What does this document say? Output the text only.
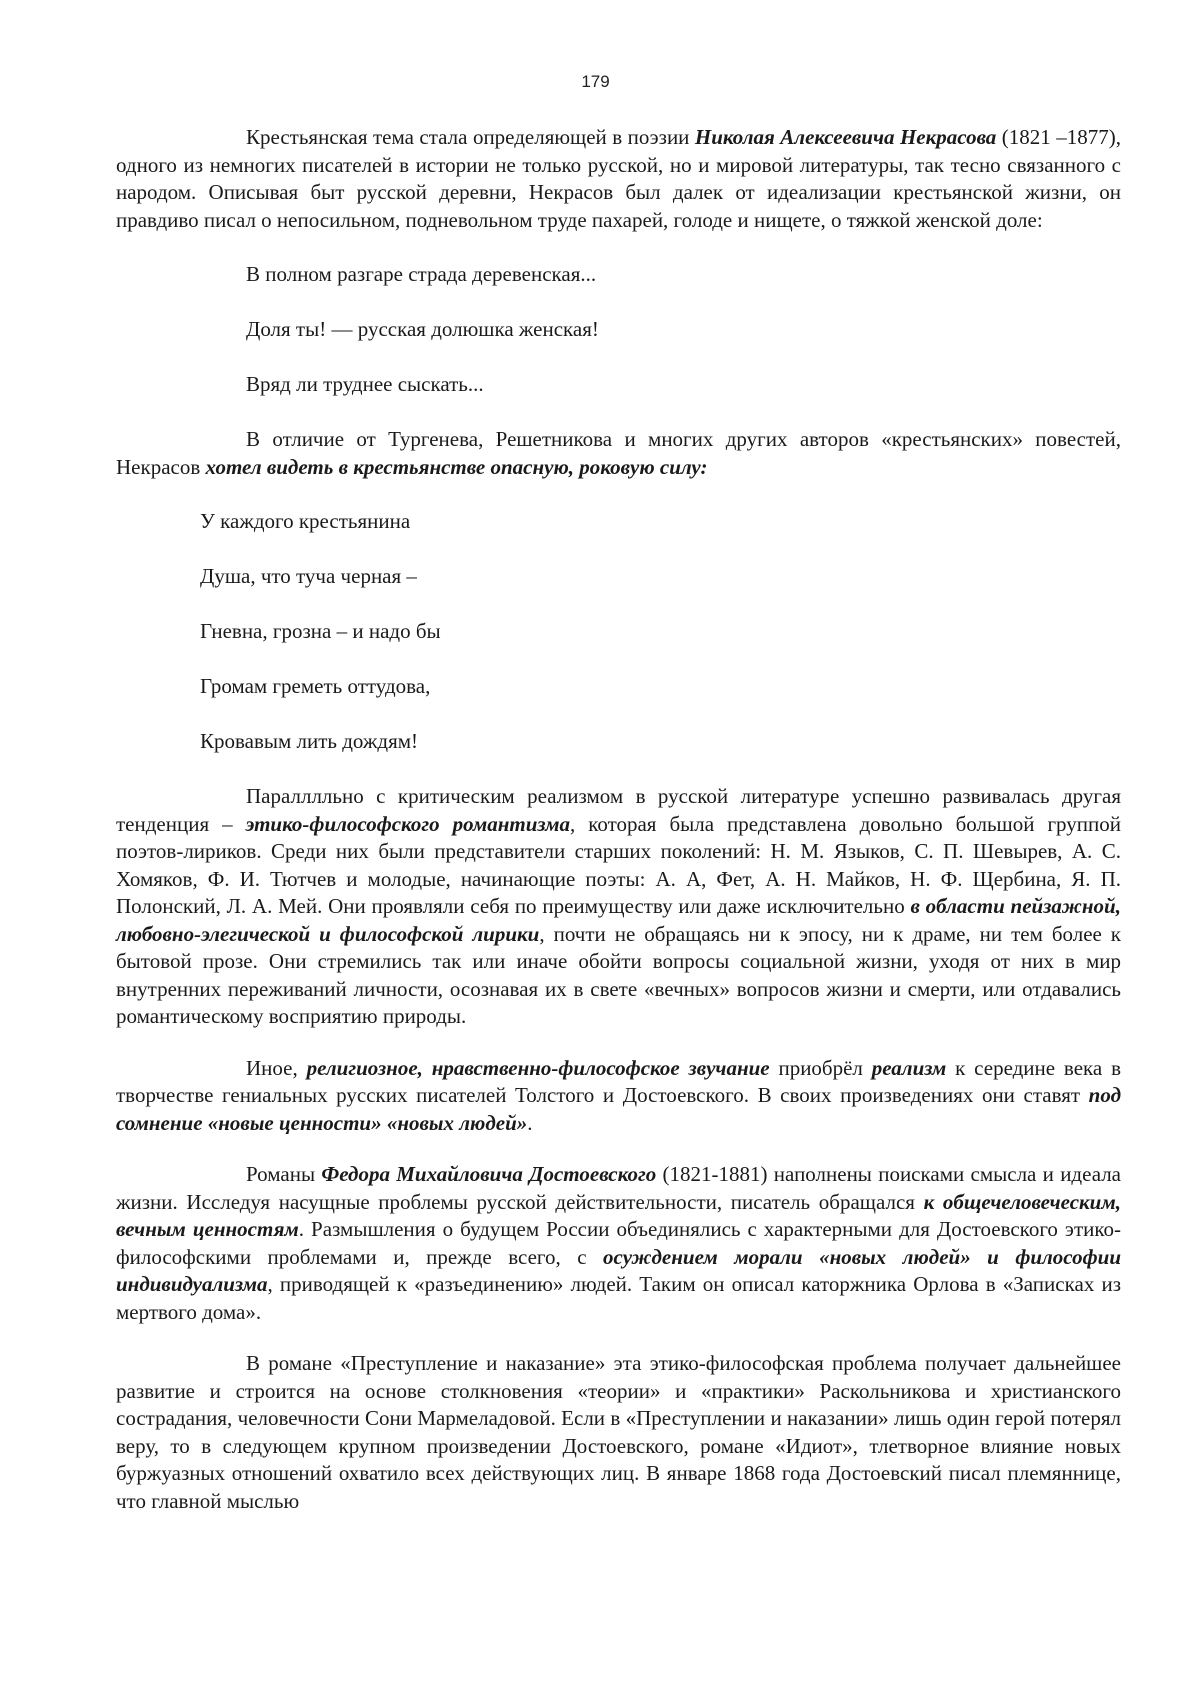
179

Крестьянская тема стала определяющей в поэзии Николая Алексеевича Некрасова (1821 –1877), одного из немногих писателей в истории не только русской, но и мировой литературы, так тесно связанного с народом. Описывая быт русской деревни, Некрасов был далек от идеализации крестьянской жизни, он правдиво писал о непосильном, подневольном труде пахарей, голоде и нищете, о тяжкой женской доле:

В полном разгаре страда деревенская...
Доля ты! — русская долюшка женская!
Вряд ли труднее сыскать...

В отличие от Тургенева, Решетникова и многих других авторов «крестьянских» повестей, Некрасов хотел видеть в крестьянстве опасную, роковую силу:

У каждого крестьянина
Душа, что туча черная –
Гневна, грозна – и надо бы
Громам греметь оттудова,
Кровавым лить дождям!

Паралллльно с критическим реализмом в русской литературе успешно развивалась другая тенденция – этико-философского романтизма, которая была представлена довольно большой группой поэтов-лириков. Среди них были представители старших поколений: Н. М. Языков, С. П. Шевырев, А. С. Хомяков, Ф. И. Тютчев и молодые, начинающие поэты: А. А, Фет, А. Н. Майков, Н. Ф. Щербина, Я. П. Полонский, Л. А. Мей. Они проявляли себя по преимуществу или даже исключительно в области пейзажной, любовно-элегической и философской лирики, почти не обращаясь ни к эпосу, ни к драме, ни тем более к бытовой прозе. Они стремились так или иначе обойти вопросы социальной жизни, уходя от них в мир внутренних переживаний личности, осознавая их в свете «вечных» вопросов жизни и смерти, или отдавались романтическому восприятию природы.

Иное, религиозное, нравственно-философское звучание приобрёл реализм к середине века в творчестве гениальных русских писателей Толстого и Достоевского. В своих произведениях они ставят под сомнение «новые ценности» «новых людей».

Романы Федора Михайловича Достоевского (1821-1881) наполнены поисками смысла и идеала жизни. Исследуя насущные проблемы русской действительности, писатель обращался к общечеловеческим, вечным ценностям. Размышления о будущем России объединялись с характерными для Достоевского этико-философскими проблемами и, прежде всего, с осуждением морали «новых людей» и философии индивидуализма, приводящей к «разъединению» людей. Таким он описал каторжника Орлова в «Записках из мертвого дома».

В романе «Преступление и наказание» эта этико-философская проблема получает дальнейшее развитие и строится на основе столкновения «теории» и «практики» Раскольникова и христианского сострадания, человечности Сони Мармеладовой. Если в «Преступлении и наказании» лишь один герой потерял веру, то в следующем крупном произведении Достоевского, романе «Идиот», тлетворное влияние новых буржуазных отношений охватило всех действующих лиц. В январе 1868 года Достоевский писал племяннице, что главной мыслью
